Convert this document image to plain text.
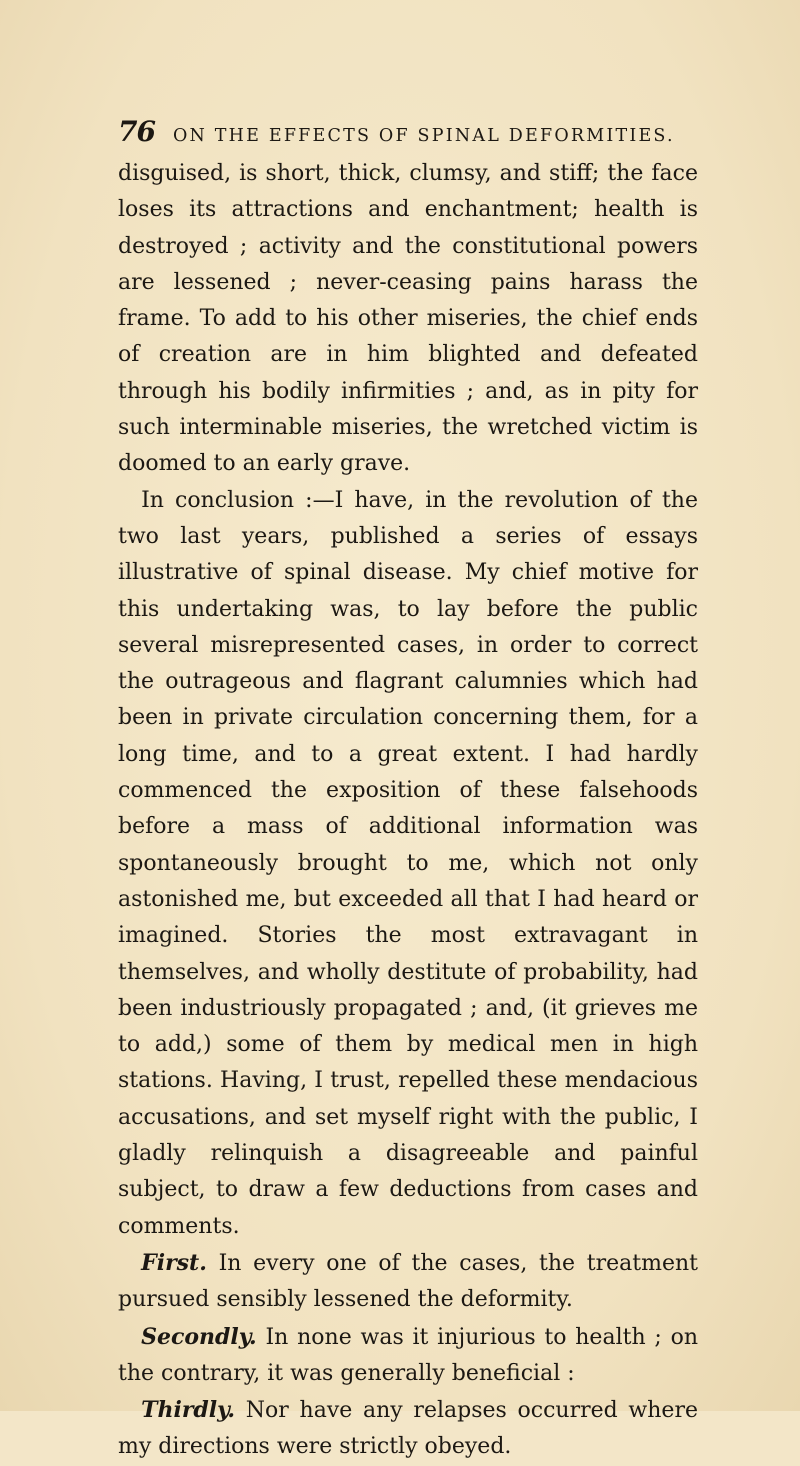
76 ON THE EFFECTS OF SPINAL DEFORMITIES.

disguised, is short, thick, clumsy, and stiff; the face loses its attractions and enchantment; health is destroyed ; activity and the constitutional powers are lessened ; never-ceasing pains harass the frame. To add to his other miseries, the chief ends of creation are in him blighted and defeated through his bodily infirmities ; and, as in pity for such interminable miseries, the wretched victim is doomed to an early grave.

In conclusion :—I have, in the revolution of the two last years, published a series of essays illustrative of spinal disease. My chief motive for this undertaking was, to lay before the public several misrepresented cases, in order to correct the outrageous and flagrant calumnies which had been in private circulation concerning them, for a long time, and to a great extent. I had hardly commenced the exposition of these falsehoods before a mass of additional information was spontaneously brought to me, which not only astonished me, but exceeded all that I had heard or imagined. Stories the most extravagant in themselves, and wholly destitute of probability, had been industriously propagated ; and, (it grieves me to add,) some of them by medical men in high stations. Having, I trust, repelled these mendacious accusations, and set myself right with the public, I gladly relinquish a disagreeable and painful subject, to draw a few deductions from cases and comments.

First. In every one of the cases, the treatment pursued sensibly lessened the deformity.

Secondly. In none was it injurious to health ; on the contrary, it was generally beneficial :

Thirdly. Nor have any relapses occurred where my directions were strictly obeyed.
